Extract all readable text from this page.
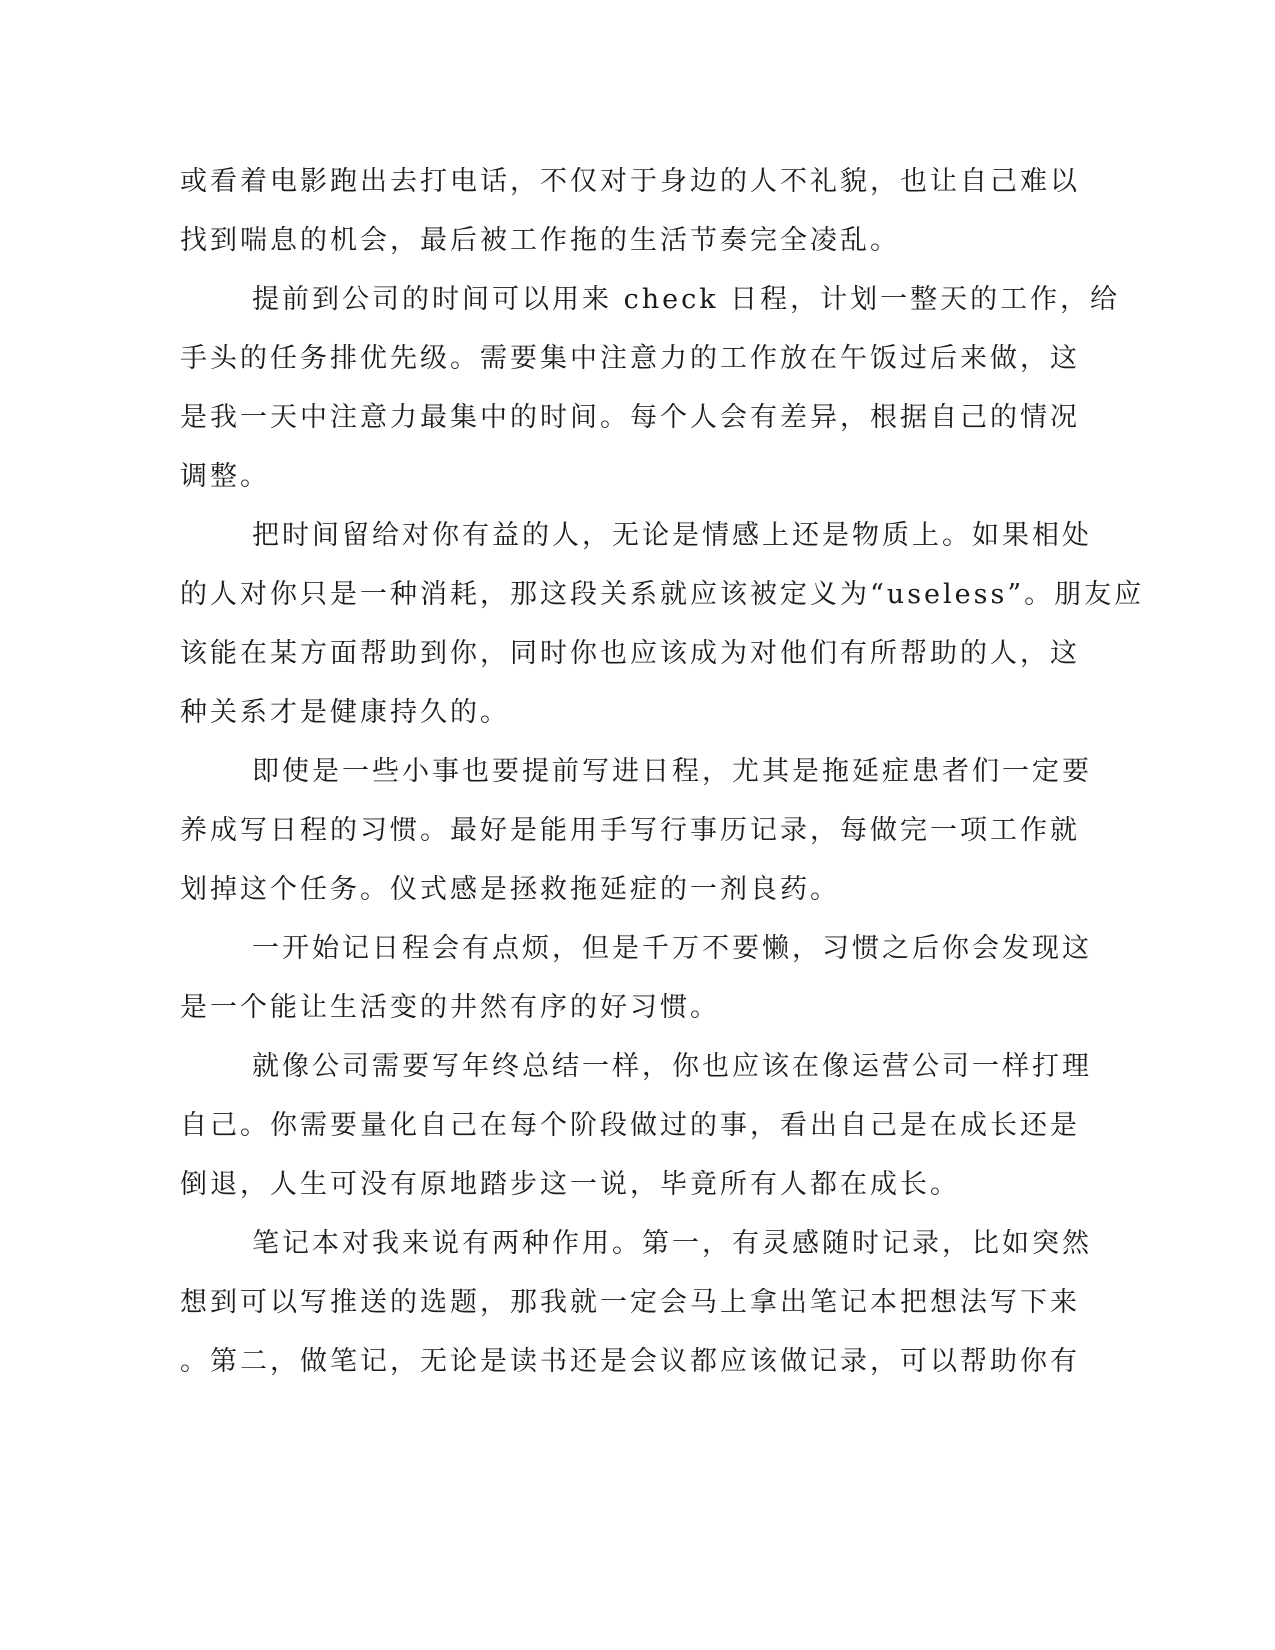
或看着电影跑出去打电话，不仅对于身边的人不礼貌，也让自己难以
找到喘息的机会，最后被工作拖的生活节奏完全凌乱。
提前到公司的时间可以用来 check 日程，计划一整天的工作，给
手头的任务排优先级。需要集中注意力的工作放在午饭过后来做，这
是我一天中注意力最集中的时间。每个人会有差异，根据自己的情况
调整。
把时间留给对你有益的人，无论是情感上还是物质上。如果相处
的人对你只是一种消耗，那这段关系就应该被定义为“useless”。朋友应
该能在某方面帮助到你，同时你也应该成为对他们有所帮助的人，这
种关系才是健康持久的。
即使是一些小事也要提前写进日程，尤其是拖延症患者们一定要
养成写日程的习惯。最好是能用手写行事历记录，每做完一项工作就
划掉这个任务。仪式感是拯救拖延症的一剂良药。
一开始记日程会有点烦，但是千万不要懒，习惯之后你会发现这
是一个能让生活变的井然有序的好习惯。
就像公司需要写年终总结一样，你也应该在像运营公司一样打理
自己。你需要量化自己在每个阶段做过的事，看出自己是在成长还是
倒退，人生可没有原地踏步这一说，毕竟所有人都在成长。
笔记本对我来说有两种作用。第一，有灵感随时记录，比如突然
想到可以写推送的选题，那我就一定会马上拿出笔记本把想法写下来
。第二，做笔记，无论是读书还是会议都应该做记录，可以帮助你有
